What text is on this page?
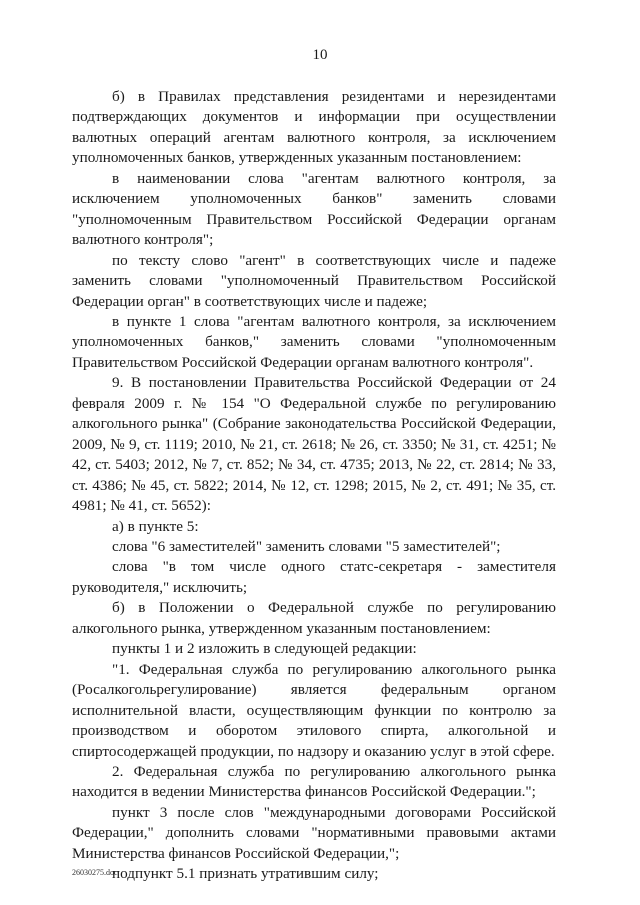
10

б) в Правилах представления резидентами и нерезидентами подтверждающих документов и информации при осуществлении валютных операций агентам валютного контроля, за исключением уполномоченных банков, утвержденных указанным постановлением:

в наименовании слова "агентам валютного контроля, за исключением уполномоченных банков" заменить словами "уполномоченным Правительством Российской Федерации органам валютного контроля";

по тексту слово "агент" в соответствующих числе и падеже заменить словами "уполномоченный Правительством Российской Федерации орган" в соответствующих числе и падеже;

в пункте 1 слова "агентам валютного контроля, за исключением уполномоченных банков," заменить словами "уполномоченным Правительством Российской Федерации органам валютного контроля".

9. В постановлении Правительства Российской Федерации от 24 февраля 2009 г. № 154 "О Федеральной службе по регулированию алкогольного рынка" (Собрание законодательства Российской Федерации, 2009, № 9, ст. 1119; 2010, № 21, ст. 2618; № 26, ст. 3350; № 31, ст. 4251; № 42, ст. 5403; 2012, № 7, ст. 852; № 34, ст. 4735; 2013, № 22, ст. 2814; № 33, ст. 4386; № 45, ст. 5822; 2014, № 12, ст. 1298; 2015, № 2, ст. 491; № 35, ст. 4981; № 41, ст. 5652):

а) в пункте 5:

слова "6 заместителей" заменить словами "5 заместителей";

слова "в том числе одного статс-секретаря - заместителя руководителя," исключить;

б) в Положении о Федеральной службе по регулированию алкогольного рынка, утвержденном указанным постановлением:

пункты 1 и 2 изложить в следующей редакции:

"1. Федеральная служба по регулированию алкогольного рынка (Росалкогольрегулирование) является федеральным органом исполнительной власти, осуществляющим функции по контролю за производством и оборотом этилового спирта, алкогольной и спиртосодержащей продукции, по надзору и оказанию услуг в этой сфере.

2. Федеральная служба по регулированию алкогольного рынка находится в ведении Министерства финансов Российской Федерации.";

пункт 3 после слов "международными договорами Российской Федерации," дополнить словами "нормативными правовыми актами Министерства финансов Российской Федерации,";

подпункт 5.1 признать утратившим силу;

26030275.doc
